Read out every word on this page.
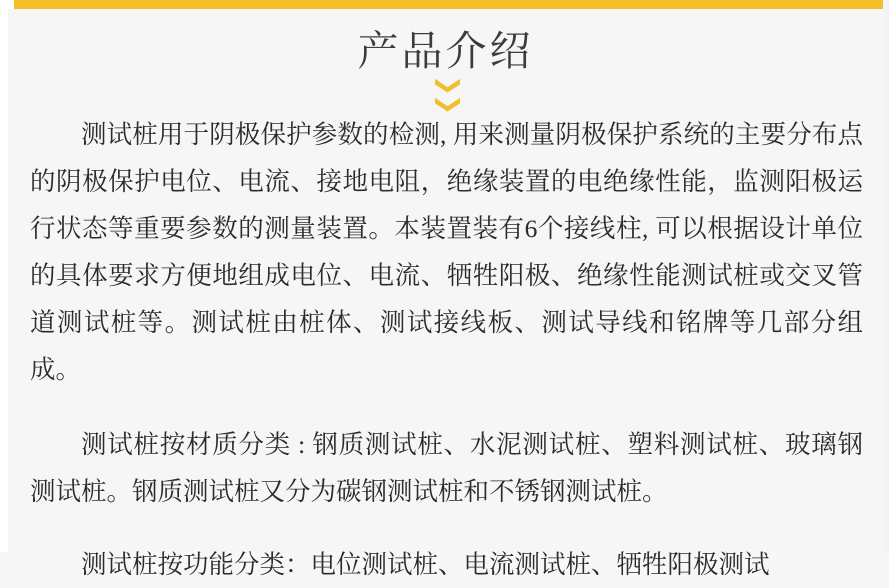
产品介绍
❮❮

测试桩用于阴极保护参数的检测, 用来测量阴极保护系统的主要分布点的阴极保护电位、电流、接地电阻，绝缘装置的电绝缘性能，监测阳极运行状态等重要参数的测量装置。本装置装有6个接线柱, 可以根据设计单位的具体要求方便地组成电位、电流、牺牲阳极、绝缘性能测试桩或交叉管道测试桩等。测试桩由桩体、测试接线板、测试导线和铭牌等几部分组成。

测试桩按材质分类 : 钢质测试桩、水泥测试桩、塑料测试桩、玻璃钢测试桩。钢质测试桩又分为碳钢测试桩和不锈钢测试桩。

测试桩按功能分类：电位测试桩、电流测试桩、牺牲阳极测试
